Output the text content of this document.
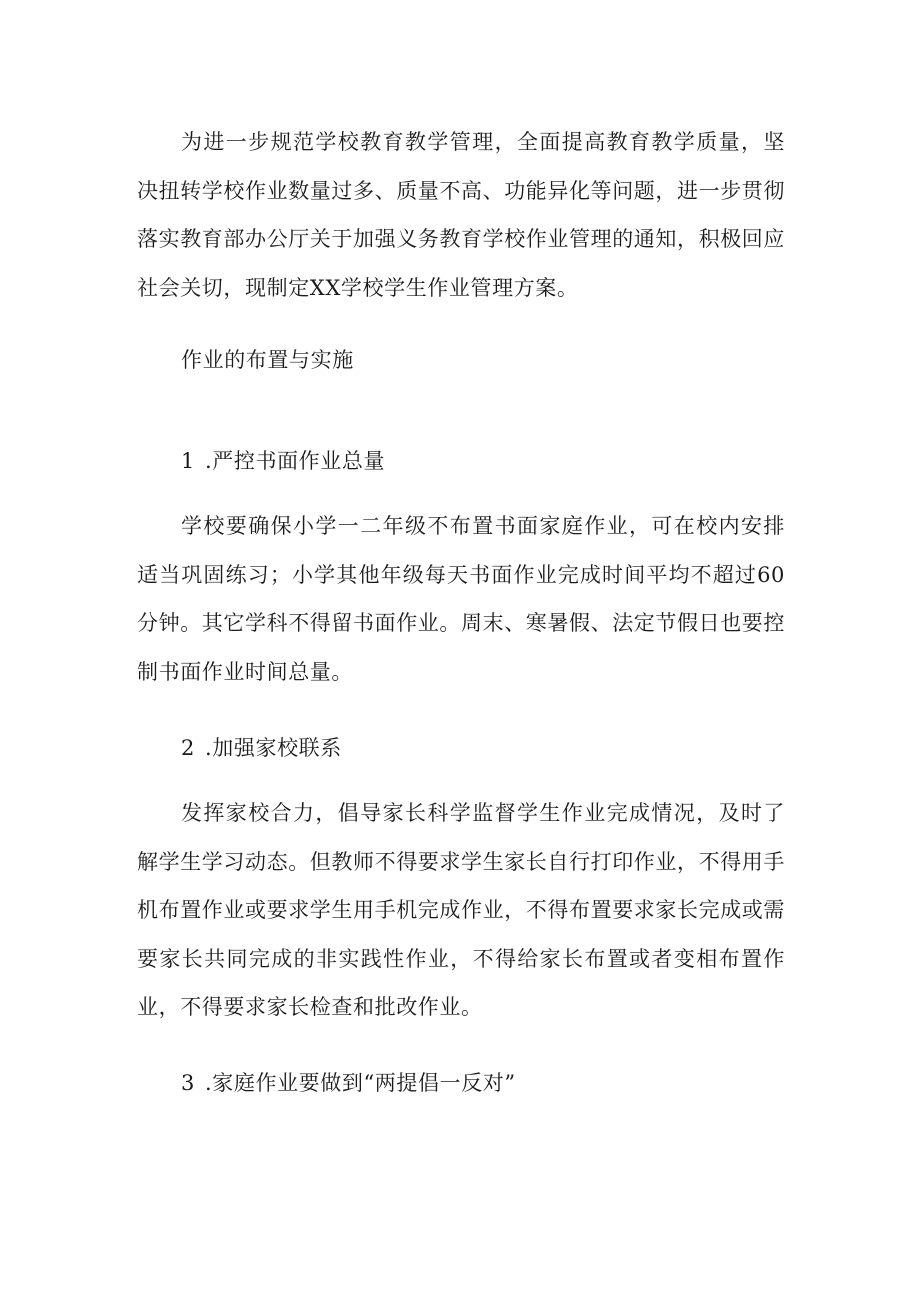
为进一步规范学校教育教学管理，全面提高教育教学质量，坚决扭转学校作业数量过多、质量不高、功能异化等问题，进一步贯彻落实教育部办公厅关于加强义务教育学校作业管理的通知，积极回应社会关切，现制定XX学校学生作业管理方案。

作业的布置与实施

1 .严控书面作业总量

学校要确保小学一二年级不布置书面家庭作业，可在校内安排适当巩固练习；小学其他年级每天书面作业完成时间平均不超过60分钟。其它学科不得留书面作业。周末、寒暑假、法定节假日也要控制书面作业时间总量。

2 .加强家校联系

发挥家校合力，倡导家长科学监督学生作业完成情况，及时了解学生学习动态。但教师不得要求学生家长自行打印作业，不得用手机布置作业或要求学生用手机完成作业，不得布置要求家长完成或需要家长共同完成的非实践性作业，不得给家长布置或者变相布置作业，不得要求家长检查和批改作业。

3 .家庭作业要做到“两提倡一反对”
